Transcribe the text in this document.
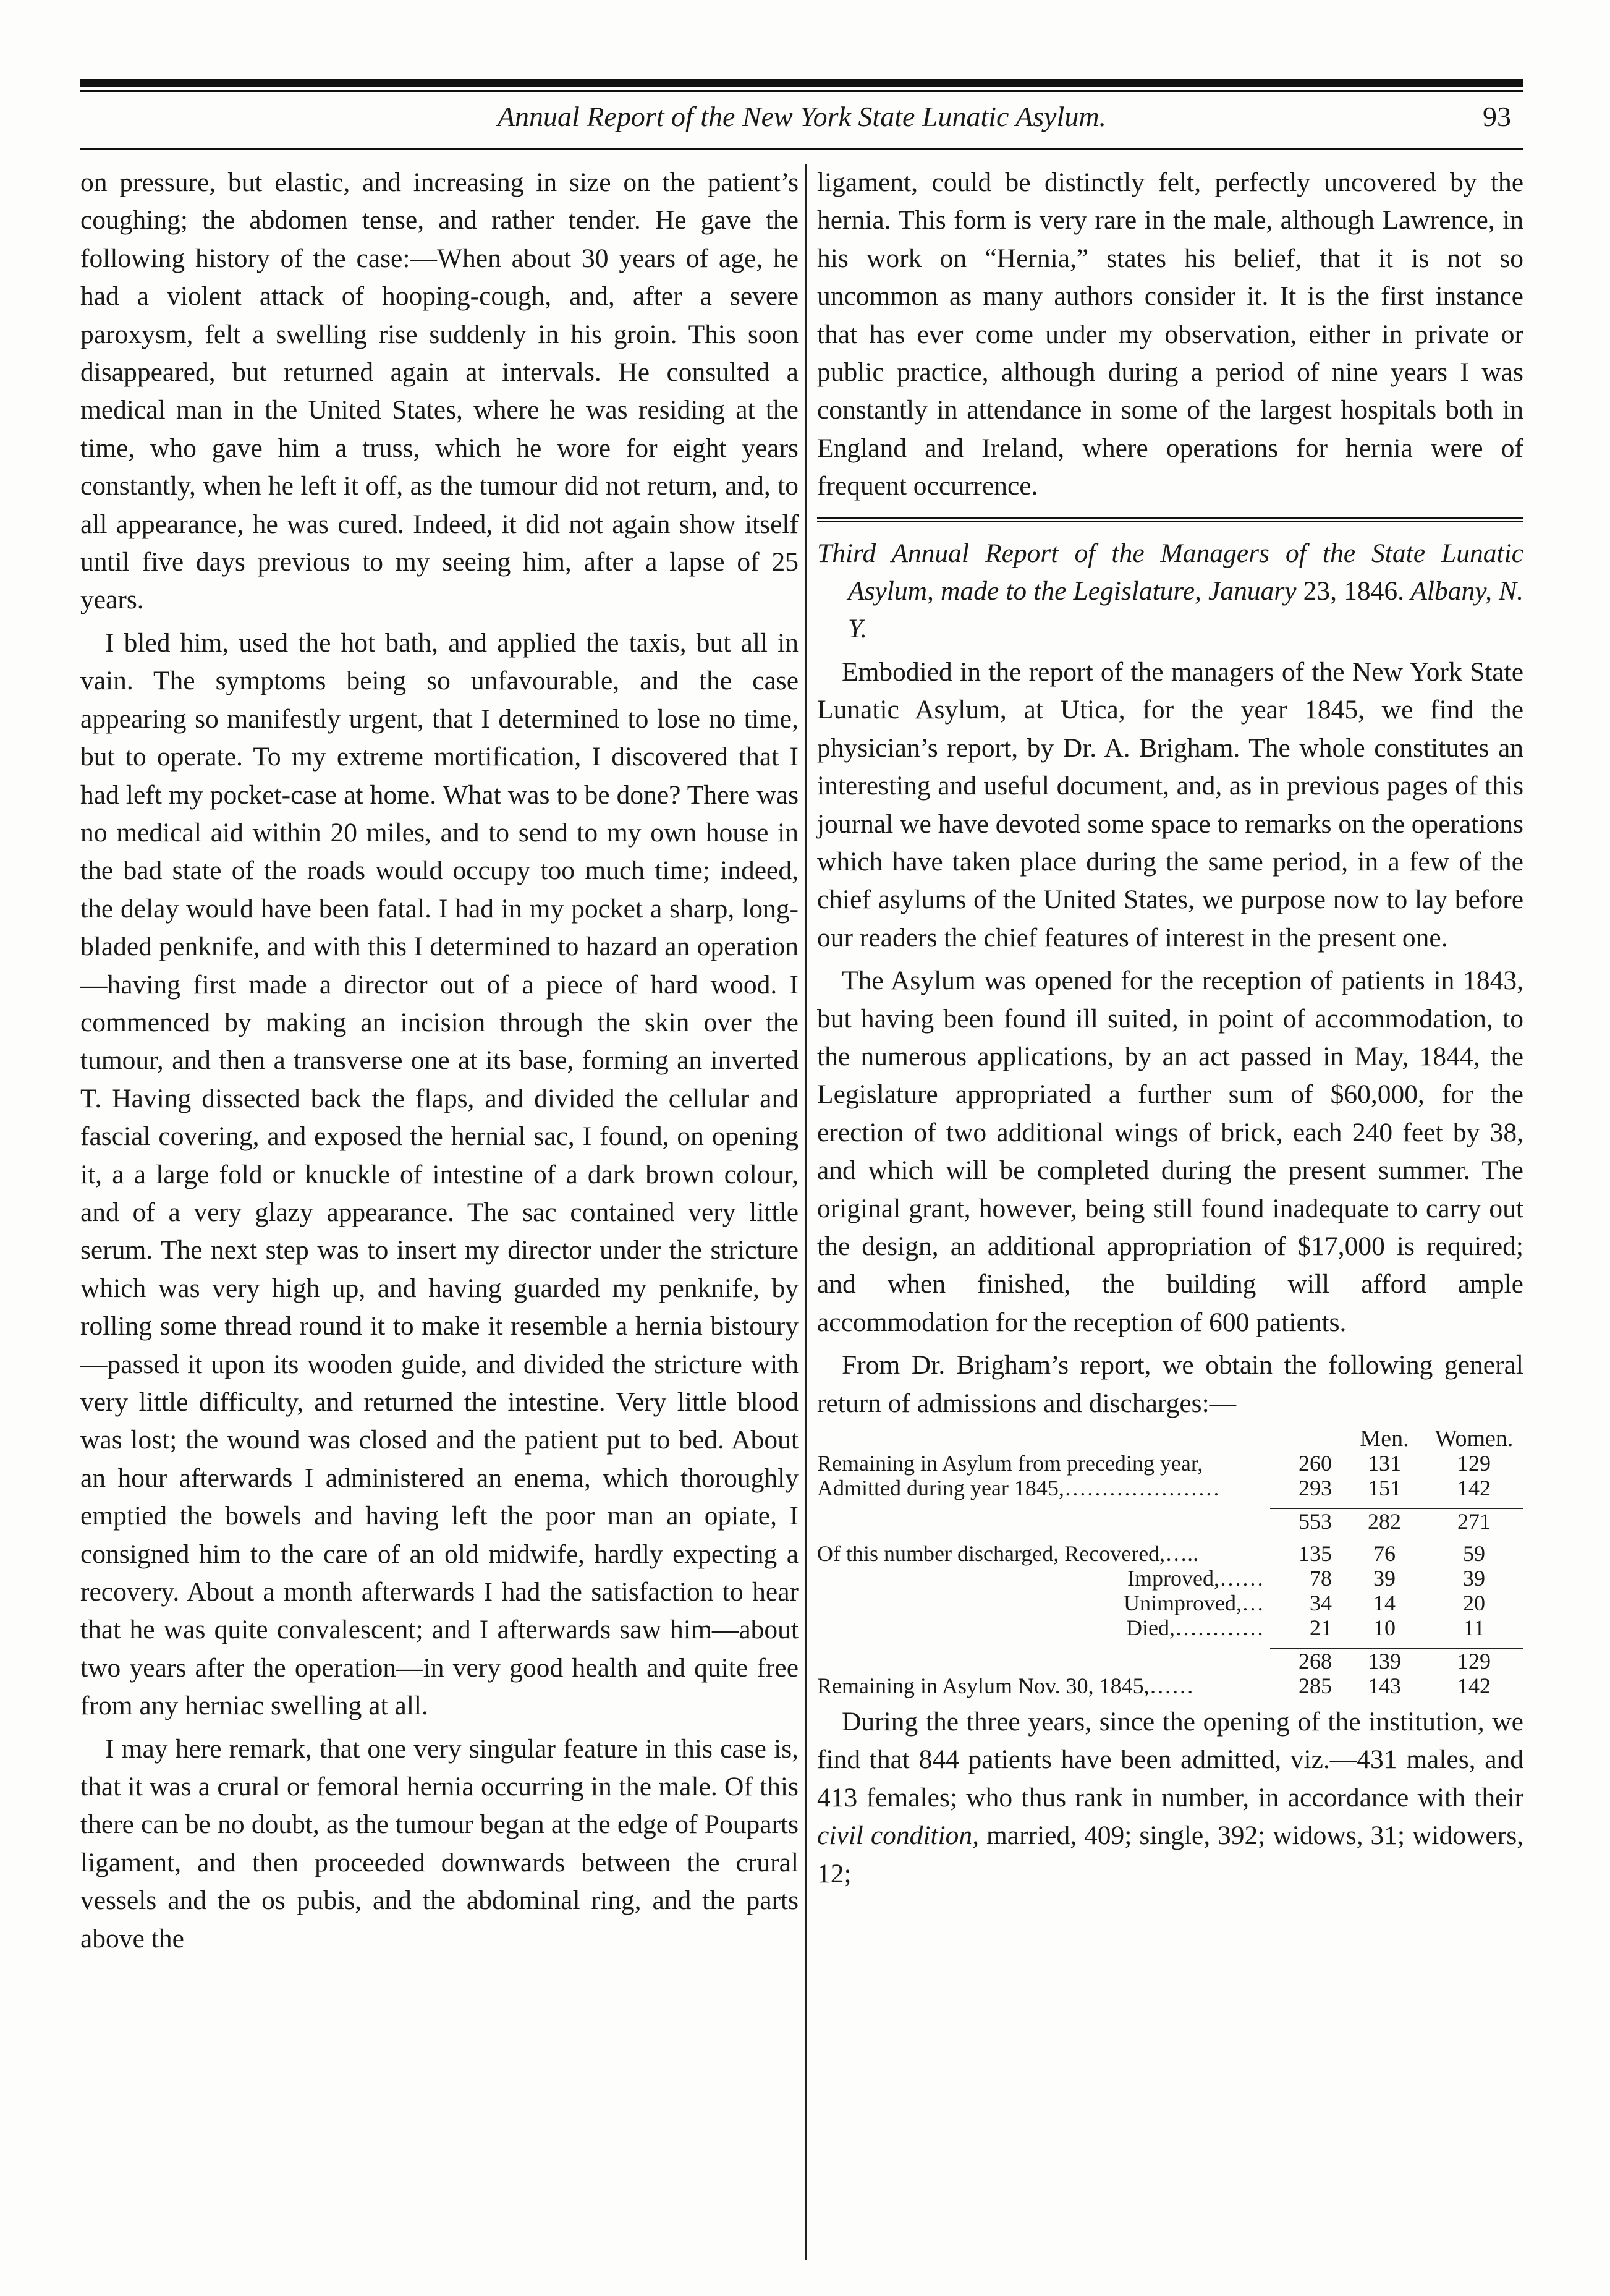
Annual Report of the New York State Lunatic Asylum.	93

on pressure, but elastic, and increasing in size on the patient’s coughing; the abdomen tense, and rather tender. He gave the following history of the case:—When about 30 years of age, he had a violent attack of hooping-cough, and, after a severe paroxysm, felt a swelling rise suddenly in his groin. This soon disappeared, but returned again at intervals. He consulted a medical man in the United States, where he was residing at the time, who gave him a truss, which he wore for eight years constantly, when he left it off, as the tumour did not return, and, to all appearance, he was cured. Indeed, it did not again show itself until five days previous to my seeing him, after a lapse of 25 years.

I bled him, used the hot bath, and applied the taxis, but all in vain. The symptoms being so unfavourable, and the case appearing so manifestly urgent, that I determined to lose no time, but to operate. To my extreme mortification, I discovered that I had left my pocket-case at home. What was to be done? There was no medical aid within 20 miles, and to send to my own house in the bad state of the roads would occupy too much time; indeed, the delay would have been fatal. I had in my pocket a sharp, long-bladed penknife, and with this I determined to hazard an operation—having first made a director out of a piece of hard wood. I commenced by making an incision through the skin over the tumour, and then a transverse one at its base, forming an inverted T. Having dissected back the flaps, and divided the cellular and fascial covering, and exposed the hernial sac, I found, on opening it, a a large fold or knuckle of intestine of a dark brown colour, and of a very glazy appearance. The sac contained very little serum. The next step was to insert my director under the stricture which was very high up, and having guarded my penknife, by rolling some thread round it to make it resemble a hernia bistoury—passed it upon its wooden guide, and divided the stricture with very little difficulty, and returned the intestine. Very little blood was lost; the wound was closed and the patient put to bed. About an hour afterwards I administered an enema, which thoroughly emptied the bowels and having left the poor man an opiate, I consigned him to the care of an old midwife, hardly expecting a recovery. About a month afterwards I had the satisfaction to hear that he was quite convalescent; and I afterwards saw him—about two years after the operation—in very good health and quite free from any herniac swelling at all.

I may here remark, that one very singular feature in this case is, that it was a crural or femoral hernia occurring in the male. Of this there can be no doubt, as the tumour began at the edge of Pouparts ligament, and then proceeded downwards between the crural vessels and the os pubis, and the abdominal ring, and the parts above the

ligament, could be distinctly felt, perfectly uncovered by the hernia. This form is very rare in the male, although Lawrence, in his work on “Hernia,” states his belief, that it is not so uncommon as many authors consider it. It is the first instance that has ever come under my observation, either in private or public practice, although during a period of nine years I was constantly in attendance in some of the largest hospitals both in England and Ireland, where operations for hernia were of frequent occurrence.

Third Annual Report of the Managers of the State Lunatic Asylum, made to the Legislature, January 23, 1846. Albany, N. Y.

Embodied in the report of the managers of the New York State Lunatic Asylum, at Utica, for the year 1845, we find the physician’s report, by Dr. A. Brigham. The whole constitutes an interesting and useful document, and, as in previous pages of this journal we have devoted some space to remarks on the operations which have taken place during the same period, in a few of the chief asylums of the United States, we purpose now to lay before our readers the chief features of interest in the present one.

The Asylum was opened for the reception of patients in 1843, but having been found ill suited, in point of accommodation, to the numerous applications, by an act passed in May, 1844, the Legislature appropriated a further sum of $60,000, for the erection of two additional wings of brick, each 240 feet by 38, and which will be completed during the present summer. The original grant, however, being still found inadequate to carry out the design, an additional appropriation of $17,000 is required; and when finished, the building will afford ample accommodation for the reception of 600 patients.

From Dr. Brigham’s report, we obtain the following general return of admissions and discharges:—

		Men.	Women.
Remaining in Asylum from preceding year,	260	131	129
Admitted during year 1845,…………………	293	151	142

	553	282	271

Of this number discharged, Recovered,…..	135	76	59
Improved,……	78	39	39
Unimproved,…	34	14	20
Died,…………	21	10	11

	268	139	129
Remaining in Asylum Nov. 30, 1845,……	285	143	142

During the three years, since the opening of the institution, we find that 844 patients have been admitted, viz.—431 males, and 413 females; who thus rank in number, in accordance with their civil condition, married, 409; single, 392; widows, 31; widowers, 12;
